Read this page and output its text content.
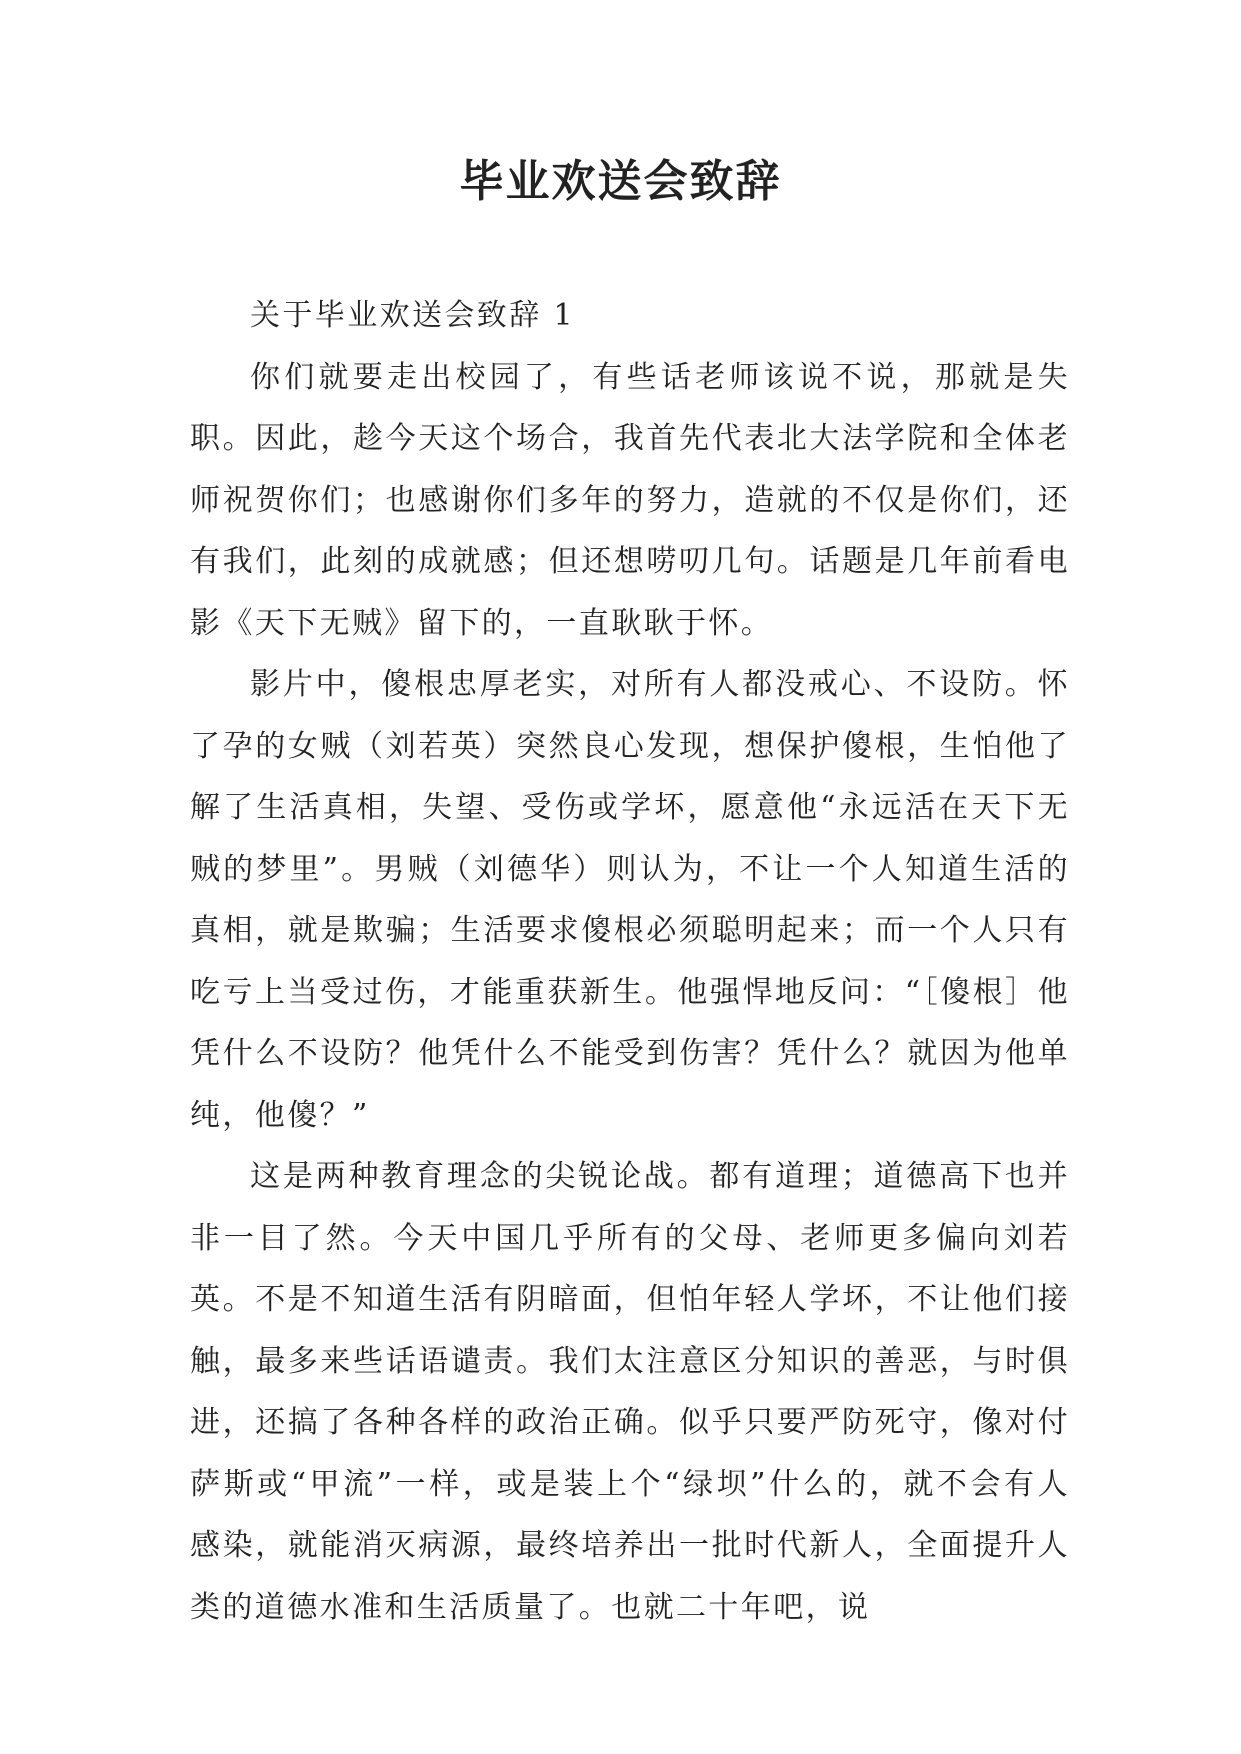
毕业欢送会致辞

关于毕业欢送会致辞 1

你们就要走出校园了，有些话老师该说不说，那就是失职。因此，趁今天这个场合，我首先代表北大法学院和全体老师祝贺你们；也感谢你们多年的努力，造就的不仅是你们，还有我们，此刻的成就感；但还想唠叨几句。话题是几年前看电影《天下无贼》留下的，一直耿耿于怀。

影片中，傻根忠厚老实，对所有人都没戒心、不设防。怀了孕的女贼（刘若英）突然良心发现，想保护傻根，生怕他了解了生活真相，失望、受伤或学坏，愿意他“永远活在天下无贼的梦里”。男贼（刘德华）则认为，不让一个人知道生活的真相，就是欺骗；生活要求傻根必须聪明起来；而一个人只有吃亏上当受过伤，才能重获新生。他强悍地反问：“［傻根］他凭什么不设防？他凭什么不能受到伤害？凭什么？就因为他单纯，他傻？”

这是两种教育理念的尖锐论战。都有道理；道德高下也并非一目了然。今天中国几乎所有的父母、老师更多偏向刘若英。不是不知道生活有阴暗面，但怕年轻人学坏，不让他们接触，最多来些话语谴责。我们太注意区分知识的善恶，与时俱进，还搞了各种各样的政治正确。似乎只要严防死守，像对付萨斯或“甲流”一样，或是装上个“绿坝”什么的，就不会有人感染，就能消灭病源，最终培养出一批时代新人，全面提升人类的道德水准和生活质量了。也就二十年吧，说
